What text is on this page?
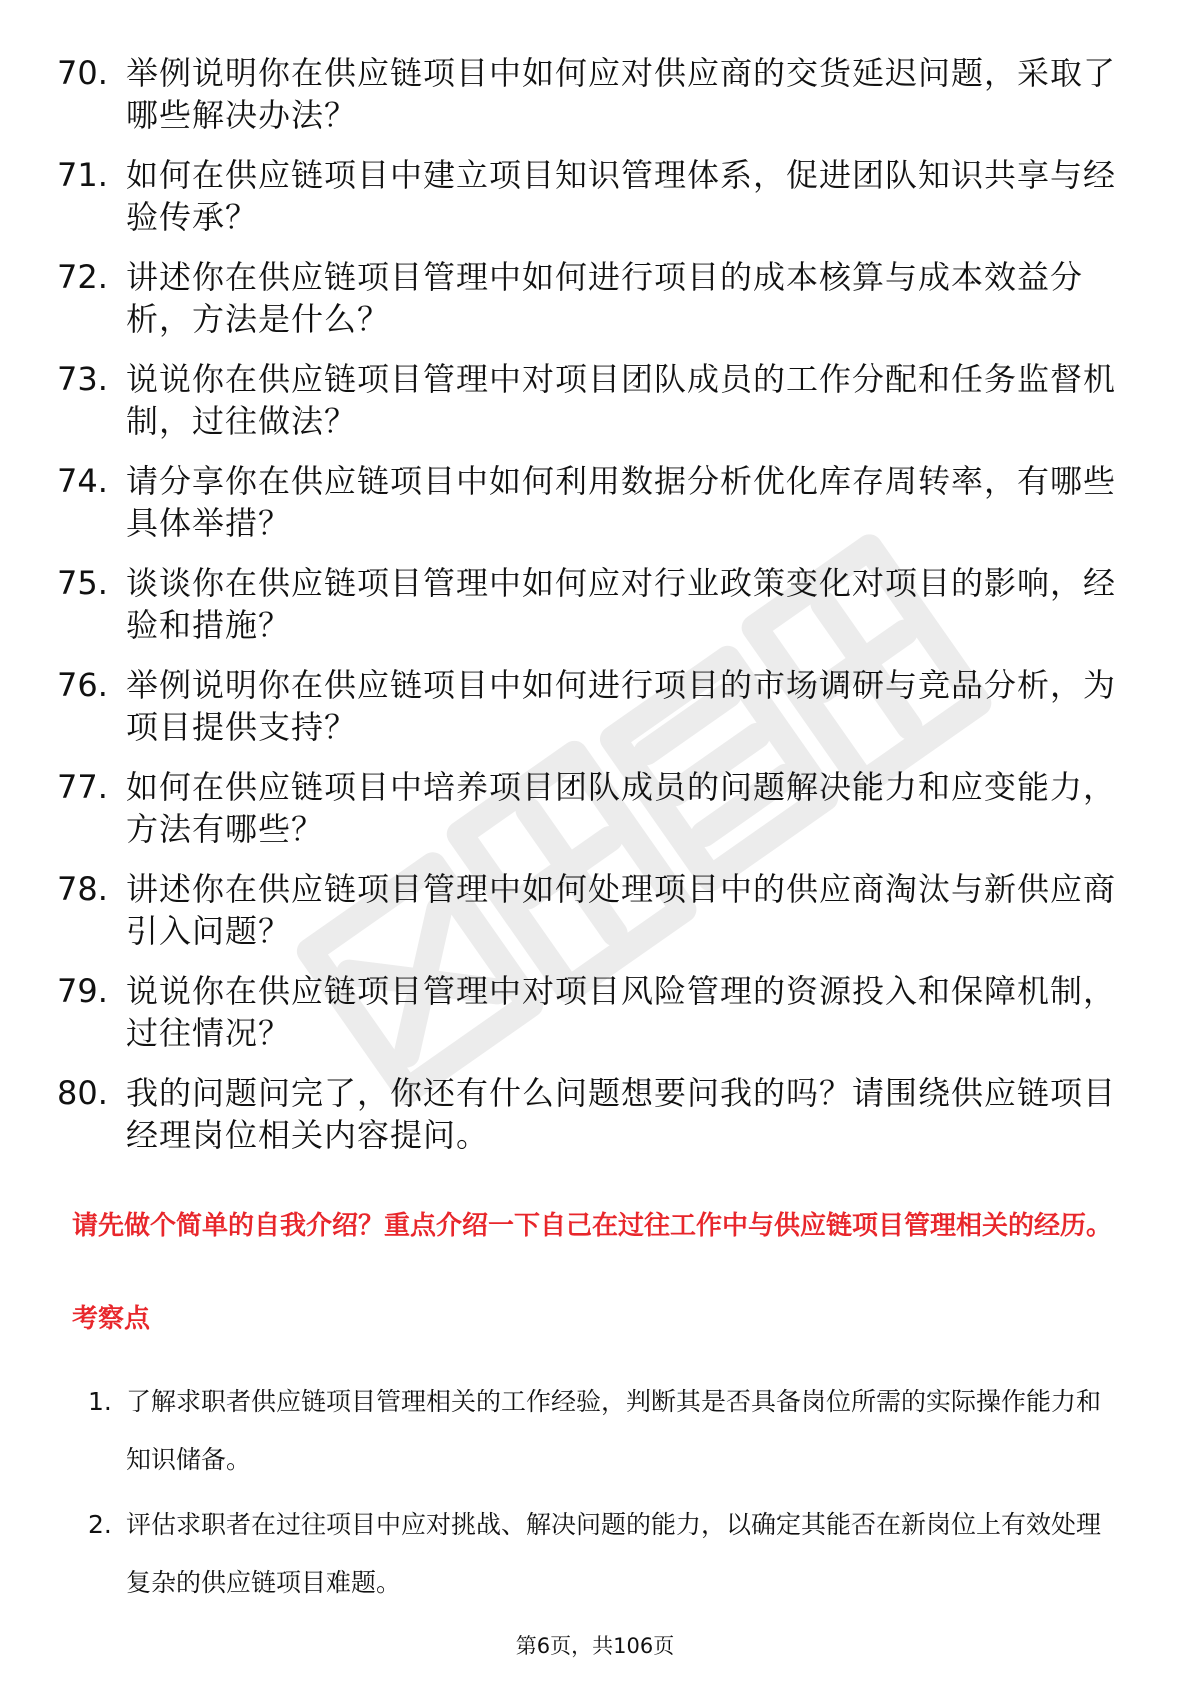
70. 举例说明你在供应链项目中如何应对供应商的交货延迟问题，采取了哪些解决办法？
71. 如何在供应链项目中建立项目知识管理体系，促进团队知识共享与经验传承？
72. 讲述你在供应链项目管理中如何进行项目的成本核算与成本效益分析，方法是什么？
73. 说说你在供应链项目管理中对项目团队成员的工作分配和任务监督机制，过往做法？
74. 请分享你在供应链项目中如何利用数据分析优化库存周转率，有哪些具体举措？
75. 谈谈你在供应链项目管理中如何应对行业政策变化对项目的影响，经验和措施？
76. 举例说明你在供应链项目中如何进行项目的市场调研与竞品分析，为项目提供支持？
77. 如何在供应链项目中培养项目团队成员的问题解决能力和应变能力，方法有哪些？
78. 讲述你在供应链项目管理中如何处理项目中的供应商淘汰与新供应商引入问题？
79. 说说你在供应链项目管理中对项目风险管理的资源投入和保障机制，过往情况？
80. 我的问题问完了，你还有什么问题想要问我的吗？请围绕供应链项目经理岗位相关内容提问。
请先做个简单的自我介绍？重点介绍一下自己在过往工作中与供应链项目管理相关的经历。
考察点
1. 了解求职者供应链项目管理相关的工作经验，判断其是否具备岗位所需的实际操作能力和知识储备。
2. 评估求职者在过往项目中应对挑战、解决问题的能力，以确定其能否在新岗位上有效处理复杂的供应链项目难题。
第6页，共106页
